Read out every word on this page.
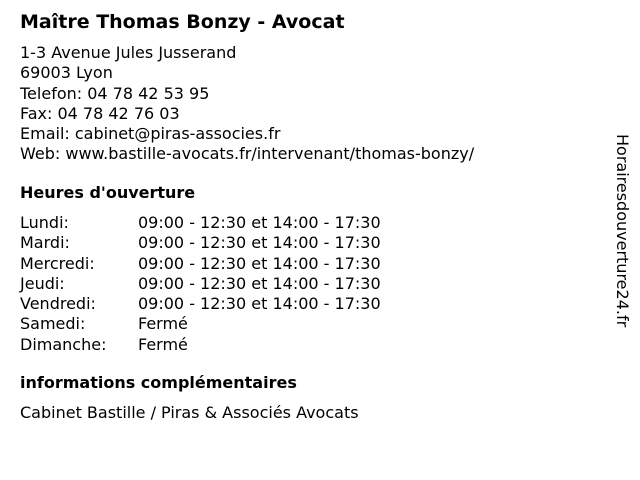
Maître Thomas Bonzy - Avocat
1-3 Avenue Jules Jusserand
69003 Lyon
Telefon: 04 78 42 53 95
Fax: 04 78 42 76 03
Email: cabinet@piras-associes.fr
Web: www.bastille-avocats.fr/intervenant/thomas-bonzy/
Heures d'ouverture
Lundi:	09:00 - 12:30 et 14:00 - 17:30
Mardi:	09:00 - 12:30 et 14:00 - 17:30
Mercredi:	09:00 - 12:30 et 14:00 - 17:30
Jeudi:	09:00 - 12:30 et 14:00 - 17:30
Vendredi:	09:00 - 12:30 et 14:00 - 17:30
Samedi:	Fermé
Dimanche: Fermé
informations complémentaires
Cabinet Bastille / Piras & Associés Avocats
Horairesdouverture24.fr
